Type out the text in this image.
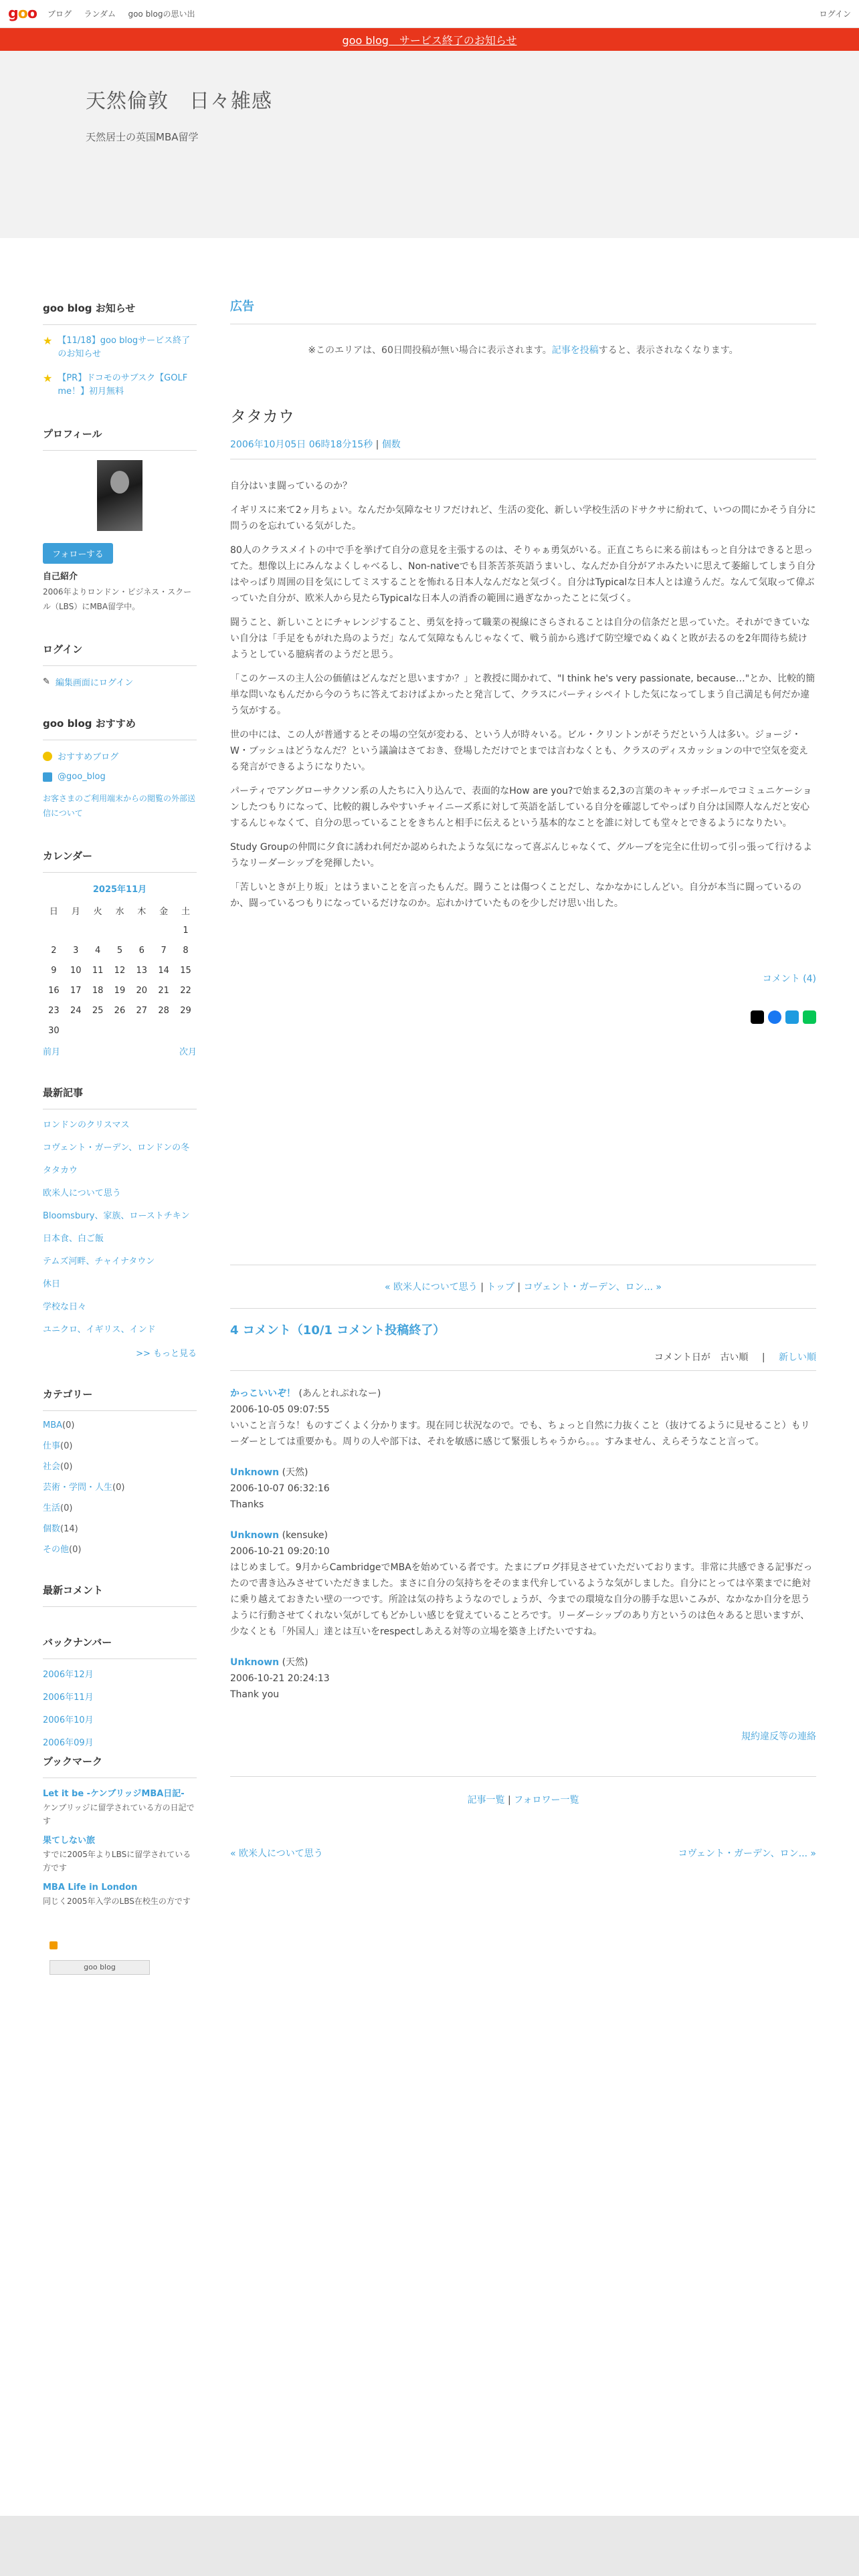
goo ブログ ランダム goo blogの思い出	ログイン
goo blog　サービス終了のお知らせ
天然倫敦　日々雑感
天然居士の英国MBA留学
goo blog お知らせ
★ 【11/18】goo blogサービス終了のお知らせ
★ 【PR】ドコモのサブスク【GOLF me！】初月無料
プロフィール
フォローする
自己紹介
2006年よりロンドン・ビジネス・スクール（LBS）にMBA留学中。
ログイン
✎ 編集画面にログイン
goo blog おすすめ
おすすめブログ
@goo_blog
お客さまのご利用端末からの閲覧の外部送信について
カレンダー
2025年11月
日	月	火	水	木	金	土
						1
2	3	4	5	6	7	8
9	10	11	12	13	14	15
16	17	18	19	20	21	22
23	24	25	26	27	28	29
30						
前月	次月
最新記事
ロンドンのクリスマス
コヴェント・ガーデン、ロンドンの冬
タタカウ
欧米人について思う
Bloomsbury、家族、ローストチキン
日本食、白ご飯
テムズ河畔、チャイナタウン
休日
学校な日々
ユニクロ、イギリス、インド
>> もっと見る
カテゴリー
MBA(0)
仕事(0)
社会(0)
芸術・学問・人生(0)
生活(0)
個数(14)
その他(0)
最新コメント
バックナンバー
2006年12月
2006年11月
2006年10月
2006年09月
ブックマーク
Let it be -ケンブリッジMBA日記-
ケンブリッジに留学されている方の日記です
果てしない旅
すでに2005年よりLBSに留学されている方です
MBA Life in London
同じく2005年入学のLBS在校生の方です
goo blog
広告
※このエリアは、60日間投稿が無い場合に表示されます。記事を投稿すると、表示されなくなります。
タタカウ
2006年10月05日 06時18分15秒 | 個数

自分はいま闘っているのか？

イギリスに来て2ヶ月ちょい。なんだか気障なセリフだけれど、生活の変化、新しい学校生活のドサクサに紛れて、いつの間にかそう自分に問うのを忘れている気がした。

80人のクラスメイトの中で手を挙げて自分の意見を主張するのは、そりゃぁ勇気がいる。正直こちらに来る前はもっと自分はできると思ってた。想像以上にみんなよくしゃべるし、Non-nativeでも目茶苦茶英語うまいし、なんだか自分がアホみたいに思えて萎縮してしまう自分はやっぱり周囲の目を気にしてミスすることを怖れる日本人なんだなと気づく。自分はTypicalな日本人とは違うんだ。なんて気取って偉ぶっていた自分が、欧米人から見たらTypicalな日本人の消香の範囲に過ぎなかったことに気づく。

闘うこと、新しいことにチャレンジすること、勇気を持って職業の視線にさらされることは自分の信条だと思っていた。それができていない自分は「手足をもがれた鳥のようだ」なんて気障なもんじゃなくて、戦う前から逃げて防空壕でぬくぬくと敗が去るのを2年間待ち続けようとしている臆病者のようだと思う。

「このケースの主人公の価値はどんなだと思いますか？」と教授に聞かれて、"I think he's very passionate, because…"とか、比較的簡単な問いなもんだから今のうちに答えておけばよかったと発言して、クラスにパーティシペイトした気になってしまう自己満足も何だか違う気がする。

世の中には、この人が普通するとその場の空気が変わる、という人が時々いる。ビル・クリントンがそうだという人は多い。ジョージ・W・ブッシュはどうなんだ？という議論はさておき、登場しただけでとまでは言わなくとも、クラスのディスカッションの中で空気を変える発言ができるようになりたい。

パーティでアングローサクソン系の人たちに入り込んで、表面的なHow are you?で始まる2,3の言葉のキャッチボールでコミュニケーションしたつもりになって、比較的親しみやすいチャイニーズ系に対して英語を話している自分を確認してやっぱり自分は国際人なんだと安心するんじゃなくて、自分の思っていることをきちんと相手に伝えるという基本的なことを誰に対しても堂々とできるようになりたい。

Study Groupの仲間に夕食に誘われ何だか認められたような気になって喜ぶんじゃなくて、グループを完全に仕切って引っ張って行けるようなリーダーシップを発揮したい。

「苦しいときが上り坂」とはうまいことを言ったもんだ。闘うことは傷つくことだし、なかなかにしんどい。自分が本当に闘っているのか、闘っているつもりになっているだけなのか。忘れかけていたものを少しだけ思い出した。

コメント (4)
« 欧米人について思う | トップ | コヴェント・ガーデン、ロン... »
4 コメント（10/1 コメント投稿終了）
コメント日が 古い順 | 新しい順
かっこいいぞ！ (あんとれぷれなー)
2006-10-05 09:07:55
いいこと言うな！ものすごくよく分かります。現在同じ状況なので。でも、ちょっと自然に力抜くこと（抜けてるように見せること）もリーダーとしては重要かも。周りの人や部下は、それを敏感に感じて緊張しちゃうから。。。すみません、えらそうなこと言って。
Unknown (天然)
2006-10-07 06:32:16
Thanks
Unknown (kensuke)
2006-10-21 09:20:10
はじめまして。9月からCambridgeでMBAを始めている者です。たまにブログ拝見させていただいております。非常に共感できる記事だったので書き込みさせていただきました。まさに自分の気持ちをそのまま代弁しているような気がしました。自分にとっては卒業までに絶対に乗り越えておきたい壁の一つです。所詮は気の持ちようなのでしょうが、今までの環境な自分の勝手な思いこみが、なかなか自分を思うように行動させてくれない気がしてもどかしい感じを覚えていることろです。リーダーシップのあり方というのは色々あると思いますが、少なくとも「外国人」達とは互いをrespectしあえる対等の立場を築き上げたいですね。
Unknown (天然)
2006-10-21 20:24:13
Thank you
規約違反等の連絡
記事一覧 | フォロワー一覧
« 欧米人について思う	コヴェント・ガーデン、ロン... »
